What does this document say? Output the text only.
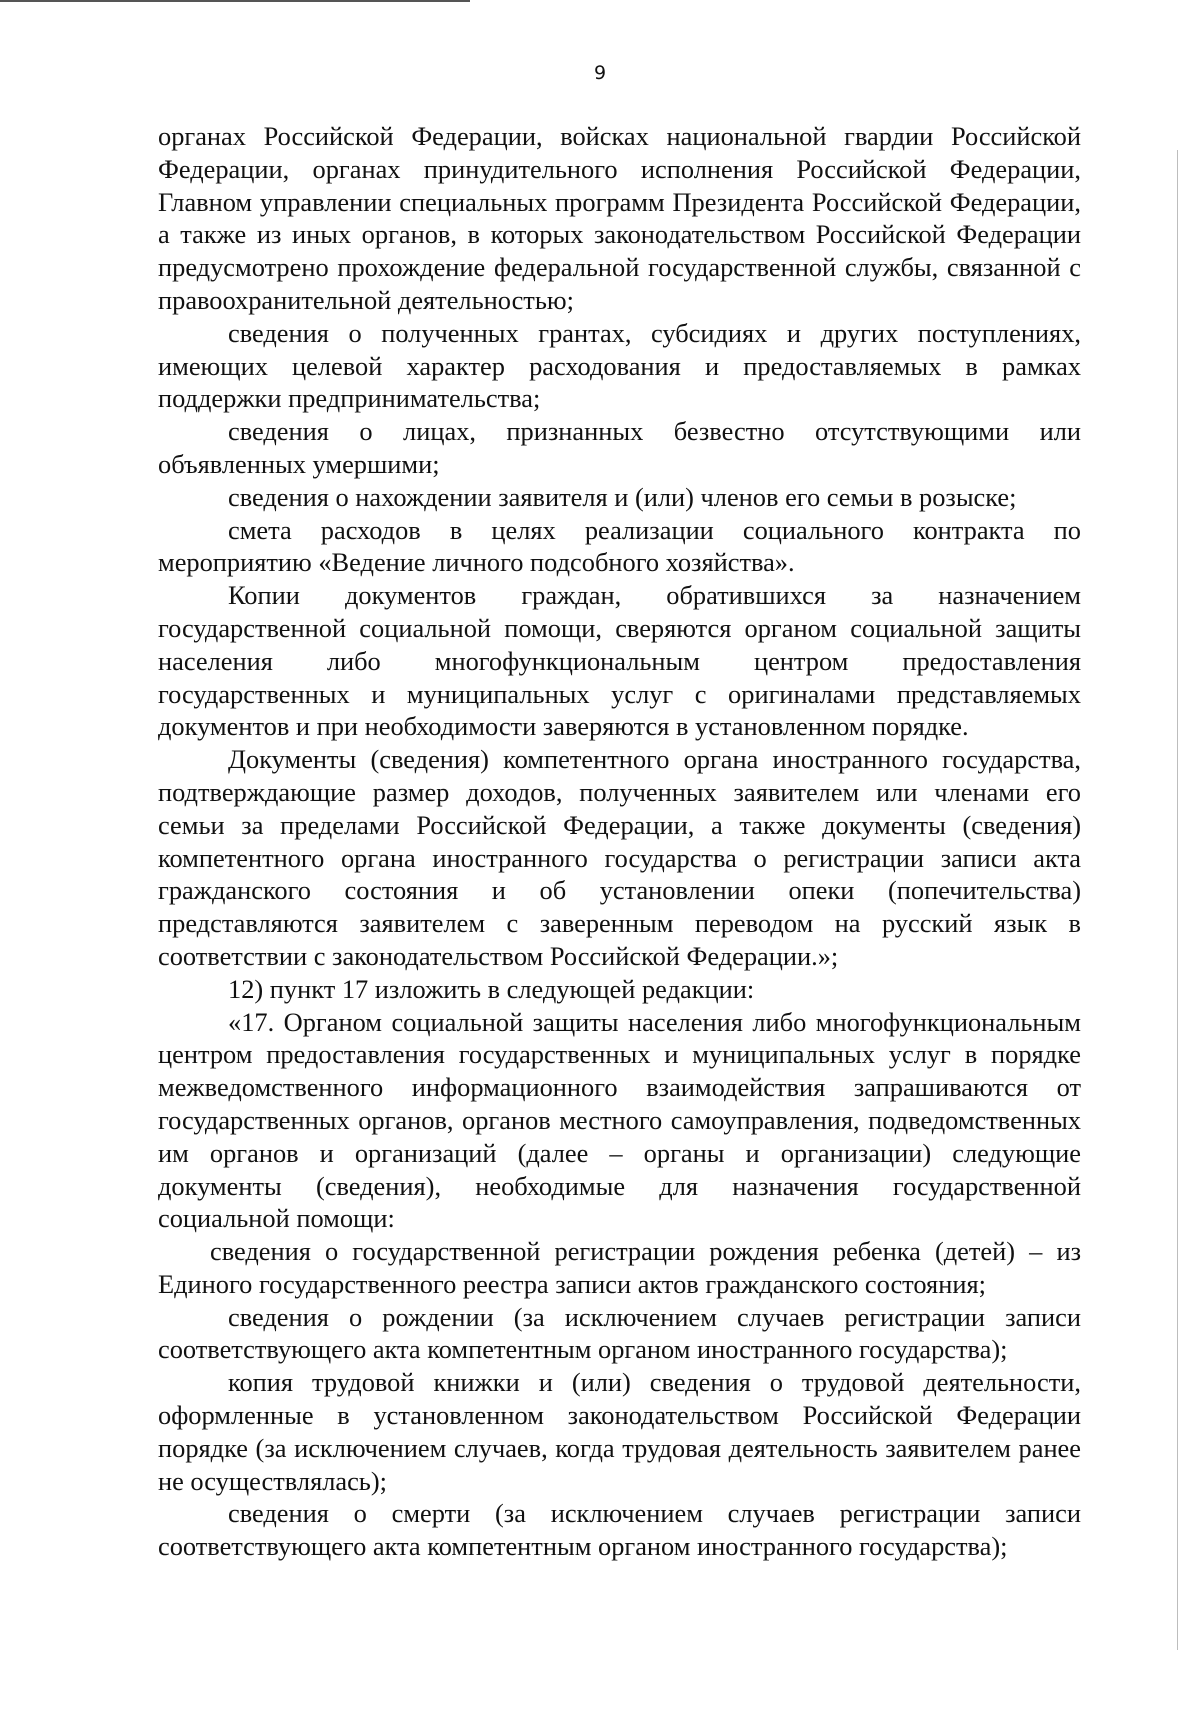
9

органах Российской Федерации, войсках национальной гвардии Российской Федерации, органах принудительного исполнения Российской Федерации, Главном управлении специальных программ Президента Российской Федерации, а также из иных органов, в которых законодательством Российской Федерации предусмотрено прохождение федеральной государственной службы, связанной с правоохранительной деятельностью;

сведения о полученных грантах, субсидиях и других поступлениях, имеющих целевой характер расходования и предоставляемых в рамках поддержки предпринимательства;

сведения о лицах, признанных безвестно отсутствующими или объявленных умершими;

сведения о нахождении заявителя и (или) членов его семьи в розыске;

смета расходов в целях реализации социального контракта по мероприятию «Ведение личного подсобного хозяйства».

Копии документов граждан, обратившихся за назначением государственной социальной помощи, сверяются органом социальной защиты населения либо многофункциональным центром предоставления государственных и муниципальных услуг с оригиналами представляемых документов и при необходимости заверяются в установленном порядке.

Документы (сведения) компетентного органа иностранного государства, подтверждающие размер доходов, полученных заявителем или членами его семьи за пределами Российской Федерации, а также документы (сведения) компетентного органа иностранного государства о регистрации записи акта гражданского состояния и об установлении опеки (попечительства) представляются заявителем с заверенным переводом на русский язык в соответствии с законодательством Российской Федерации.»;

12) пункт 17 изложить в следующей редакции:

«17. Органом социальной защиты населения либо многофункциональным центром предоставления государственных и муниципальных услуг в порядке межведомственного информационного взаимодействия запрашиваются от государственных органов, органов местного самоуправления, подведомственных им органов и организаций (далее – органы и организации) следующие документы (сведения), необходимые для назначения государственной социальной помощи:

сведения о государственной регистрации рождения ребенка (детей) – из Единого государственного реестра записи актов гражданского состояния;

сведения о рождении (за исключением случаев регистрации записи соответствующего акта компетентным органом иностранного государства);

копия трудовой книжки и (или) сведения о трудовой деятельности, оформленные в установленном законодательством Российской Федерации порядке (за исключением случаев, когда трудовая деятельность заявителем ранее не осуществлялась);

сведения о смерти (за исключением случаев регистрации записи соответствующего акта компетентным органом иностранного государства);
